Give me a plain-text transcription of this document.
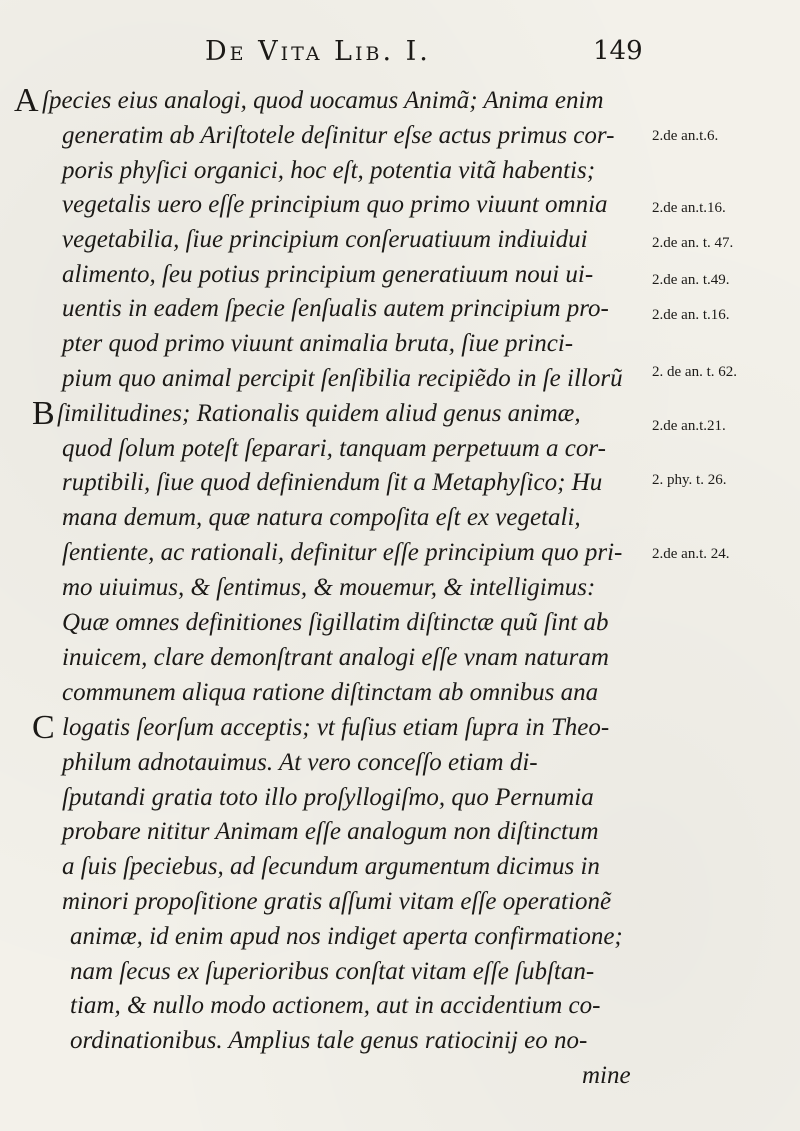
De Vita Lib. I.	149
A
B
C
ſpecies eius analogi, quod uocamus Animã; Anima enim
generatim ab Ariſtotele deſinitur eſse actus primus cor-
poris phyſici organici, hoc eſt, potentia vitã habentis;
vegetalis uero eſſe principium quo primo viuunt omnia
vegetabilia, ſiue principium conſeruatiuum indiuidui
alimento, ſeu potius principium generatiuum noui ui-
uentis in eadem ſpecie ſenſualis autem principium pro-
pter quod primo viuunt animalia bruta, ſiue princi-
pium quo animal percipit ſenſibilia recipiẽdo in ſe illorũ
ſimilitudines; Rationalis quidem aliud genus animæ,
quod ſolum poteſt ſeparari, tanquam perpetuum a cor-
ruptibili, ſiue quod definiendum ſit a Metaphyſico; Hu
mana demum, quæ natura compoſita eſt ex vegetali,
ſentiente, ac rationali, definitur eſſe principium quo pri-
mo uiuimus, & ſentimus, & mouemur, & intelligimus:
Quæ omnes definitiones ſigillatim diſtinctæ quũ ſint ab
inuicem, clare demonſtrant analogi eſſe vnam naturam
communem aliqua ratione diſtinctam ab omnibus ana
logatis ſeorſum acceptis; vt fuſius etiam ſupra in Theo-
philum adnotauimus. At vero conceſſo etiam di-
ſputandi gratia toto illo proſyllogiſmo, quo Pernumia
probare nititur Animam eſſe analogum non diſtinctum
a ſuis ſpeciebus, ad ſecundum argumentum dicimus in
minori propoſitione gratis aſſumi vitam eſſe operationẽ
animæ, id enim apud nos indiget aperta confirmatione;
nam ſecus ex ſuperioribus conſtat vitam eſſe ſubſtan-
tiam, & nullo modo actionem, aut in accidentium co-
ordinationibus. Amplius tale genus ratiocinij eo no-
mine
2.de an.t.6.
2.de an.t.16.
2.de an. t. 47.
2.de an. t.49.
2.de an. t.16.
2. de an. t. 62.
2.de an.t.21.
2. phy. t. 26.
2.de an.t. 24.
